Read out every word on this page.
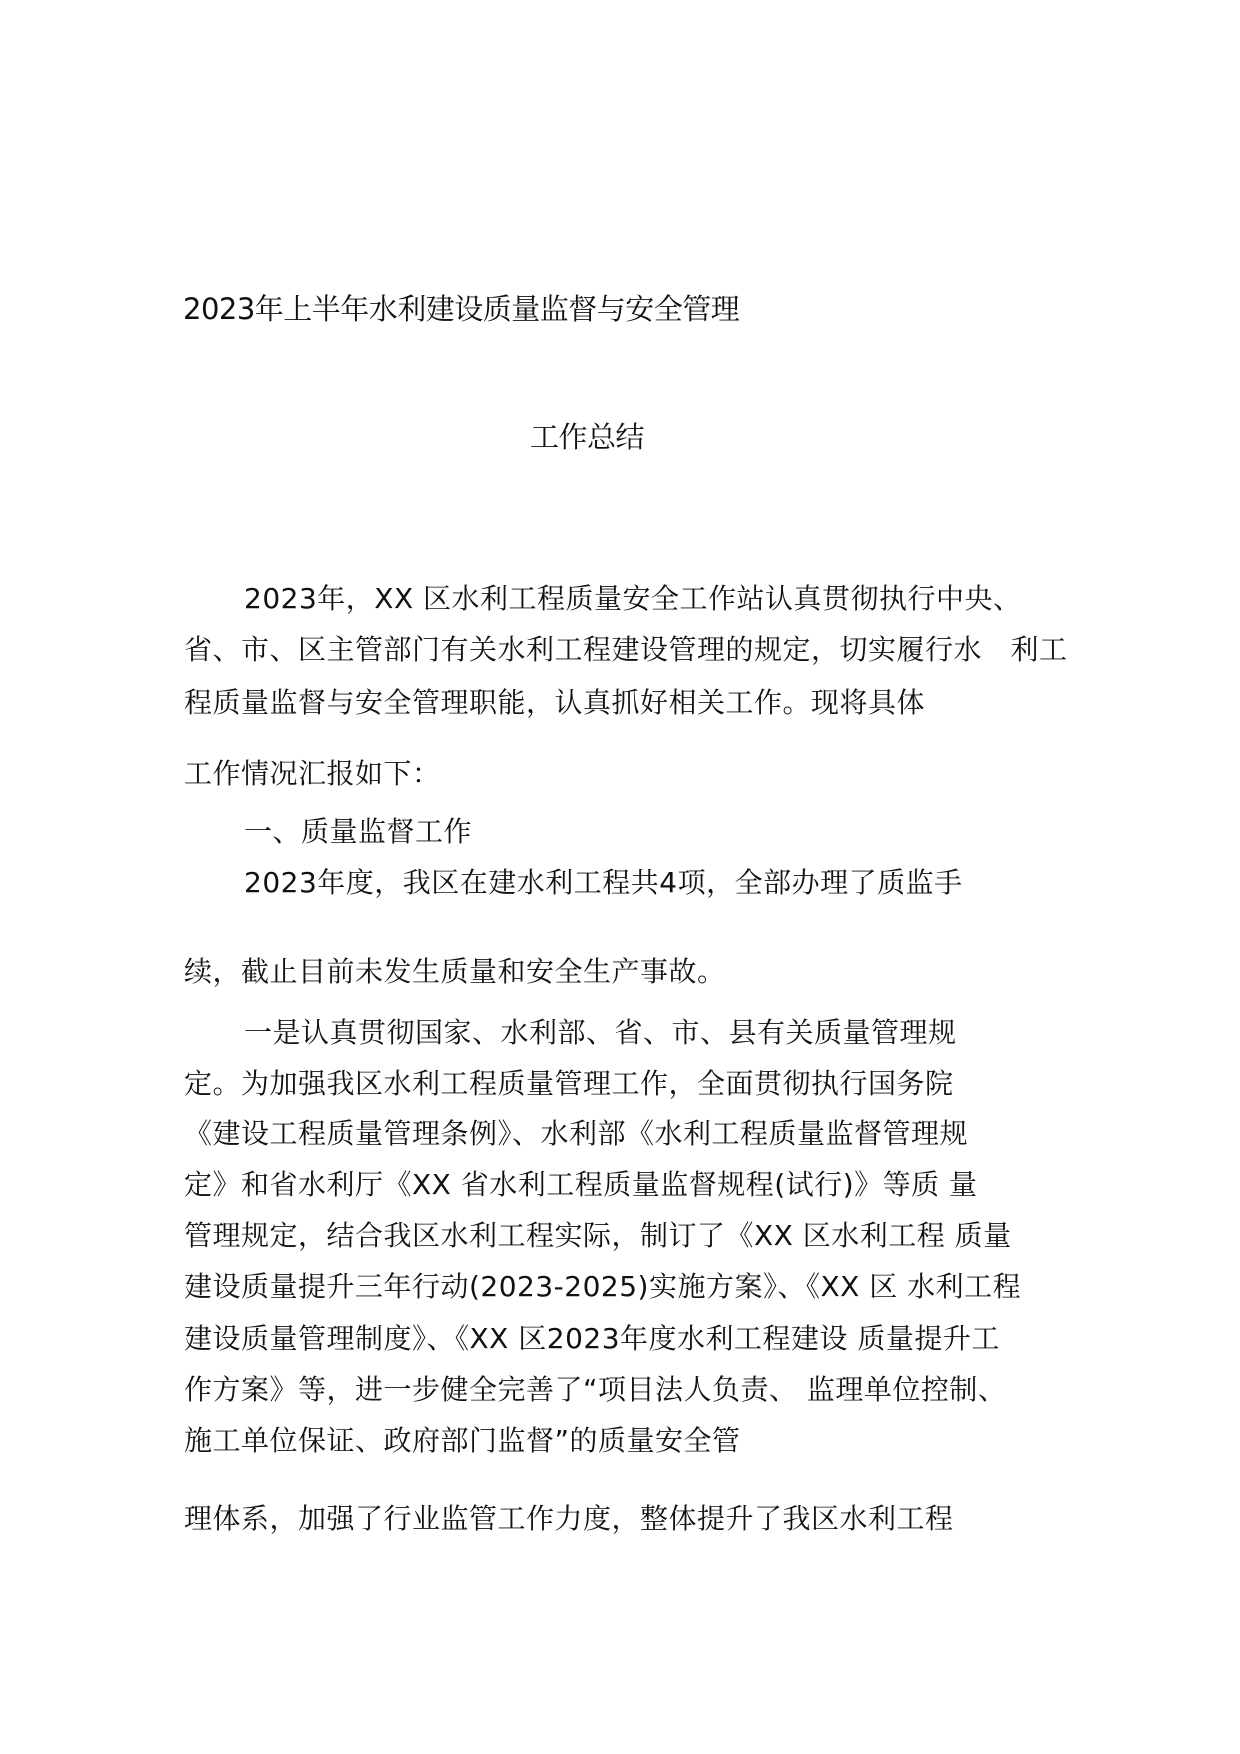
2023年上半年水利建设质量监督与安全管理
工作总结
2023年，XX 区水利工程质量安全工作站认真贯彻执行中央、
省、市、区主管部门有关水利工程建设管理的规定，切实履行水　利工
程质量监督与安全管理职能，认真抓好相关工作。现将具体
工作情况汇报如下：
一、质量监督工作
2023年度，我区在建水利工程共4项，全部办理了质监手
续，截止目前未发生质量和安全生产事故。
一是认真贯彻国家、水利部、省、市、县有关质量管理规
定。为加强我区水利工程质量管理工作，全面贯彻执行国务院
《建设工程质量管理条例》、水利部《水利工程质量监督管理规
定》和省水利厅《XX 省水利工程质量监督规程(试行)》等质 量
管理规定，结合我区水利工程实际，制订了《XX 区水利工程 质量
建设质量提升三年行动(2023-2025)实施方案》、《XX 区 水利工程
建设质量管理制度》、《XX 区2023年度水利工程建设 质量提升工
作方案》等，进一步健全完善了“项目法人负责、 监理单位控制、
施工单位保证、政府部门监督”的质量安全管
理体系，加强了行业监管工作力度，整体提升了我区水利工程
